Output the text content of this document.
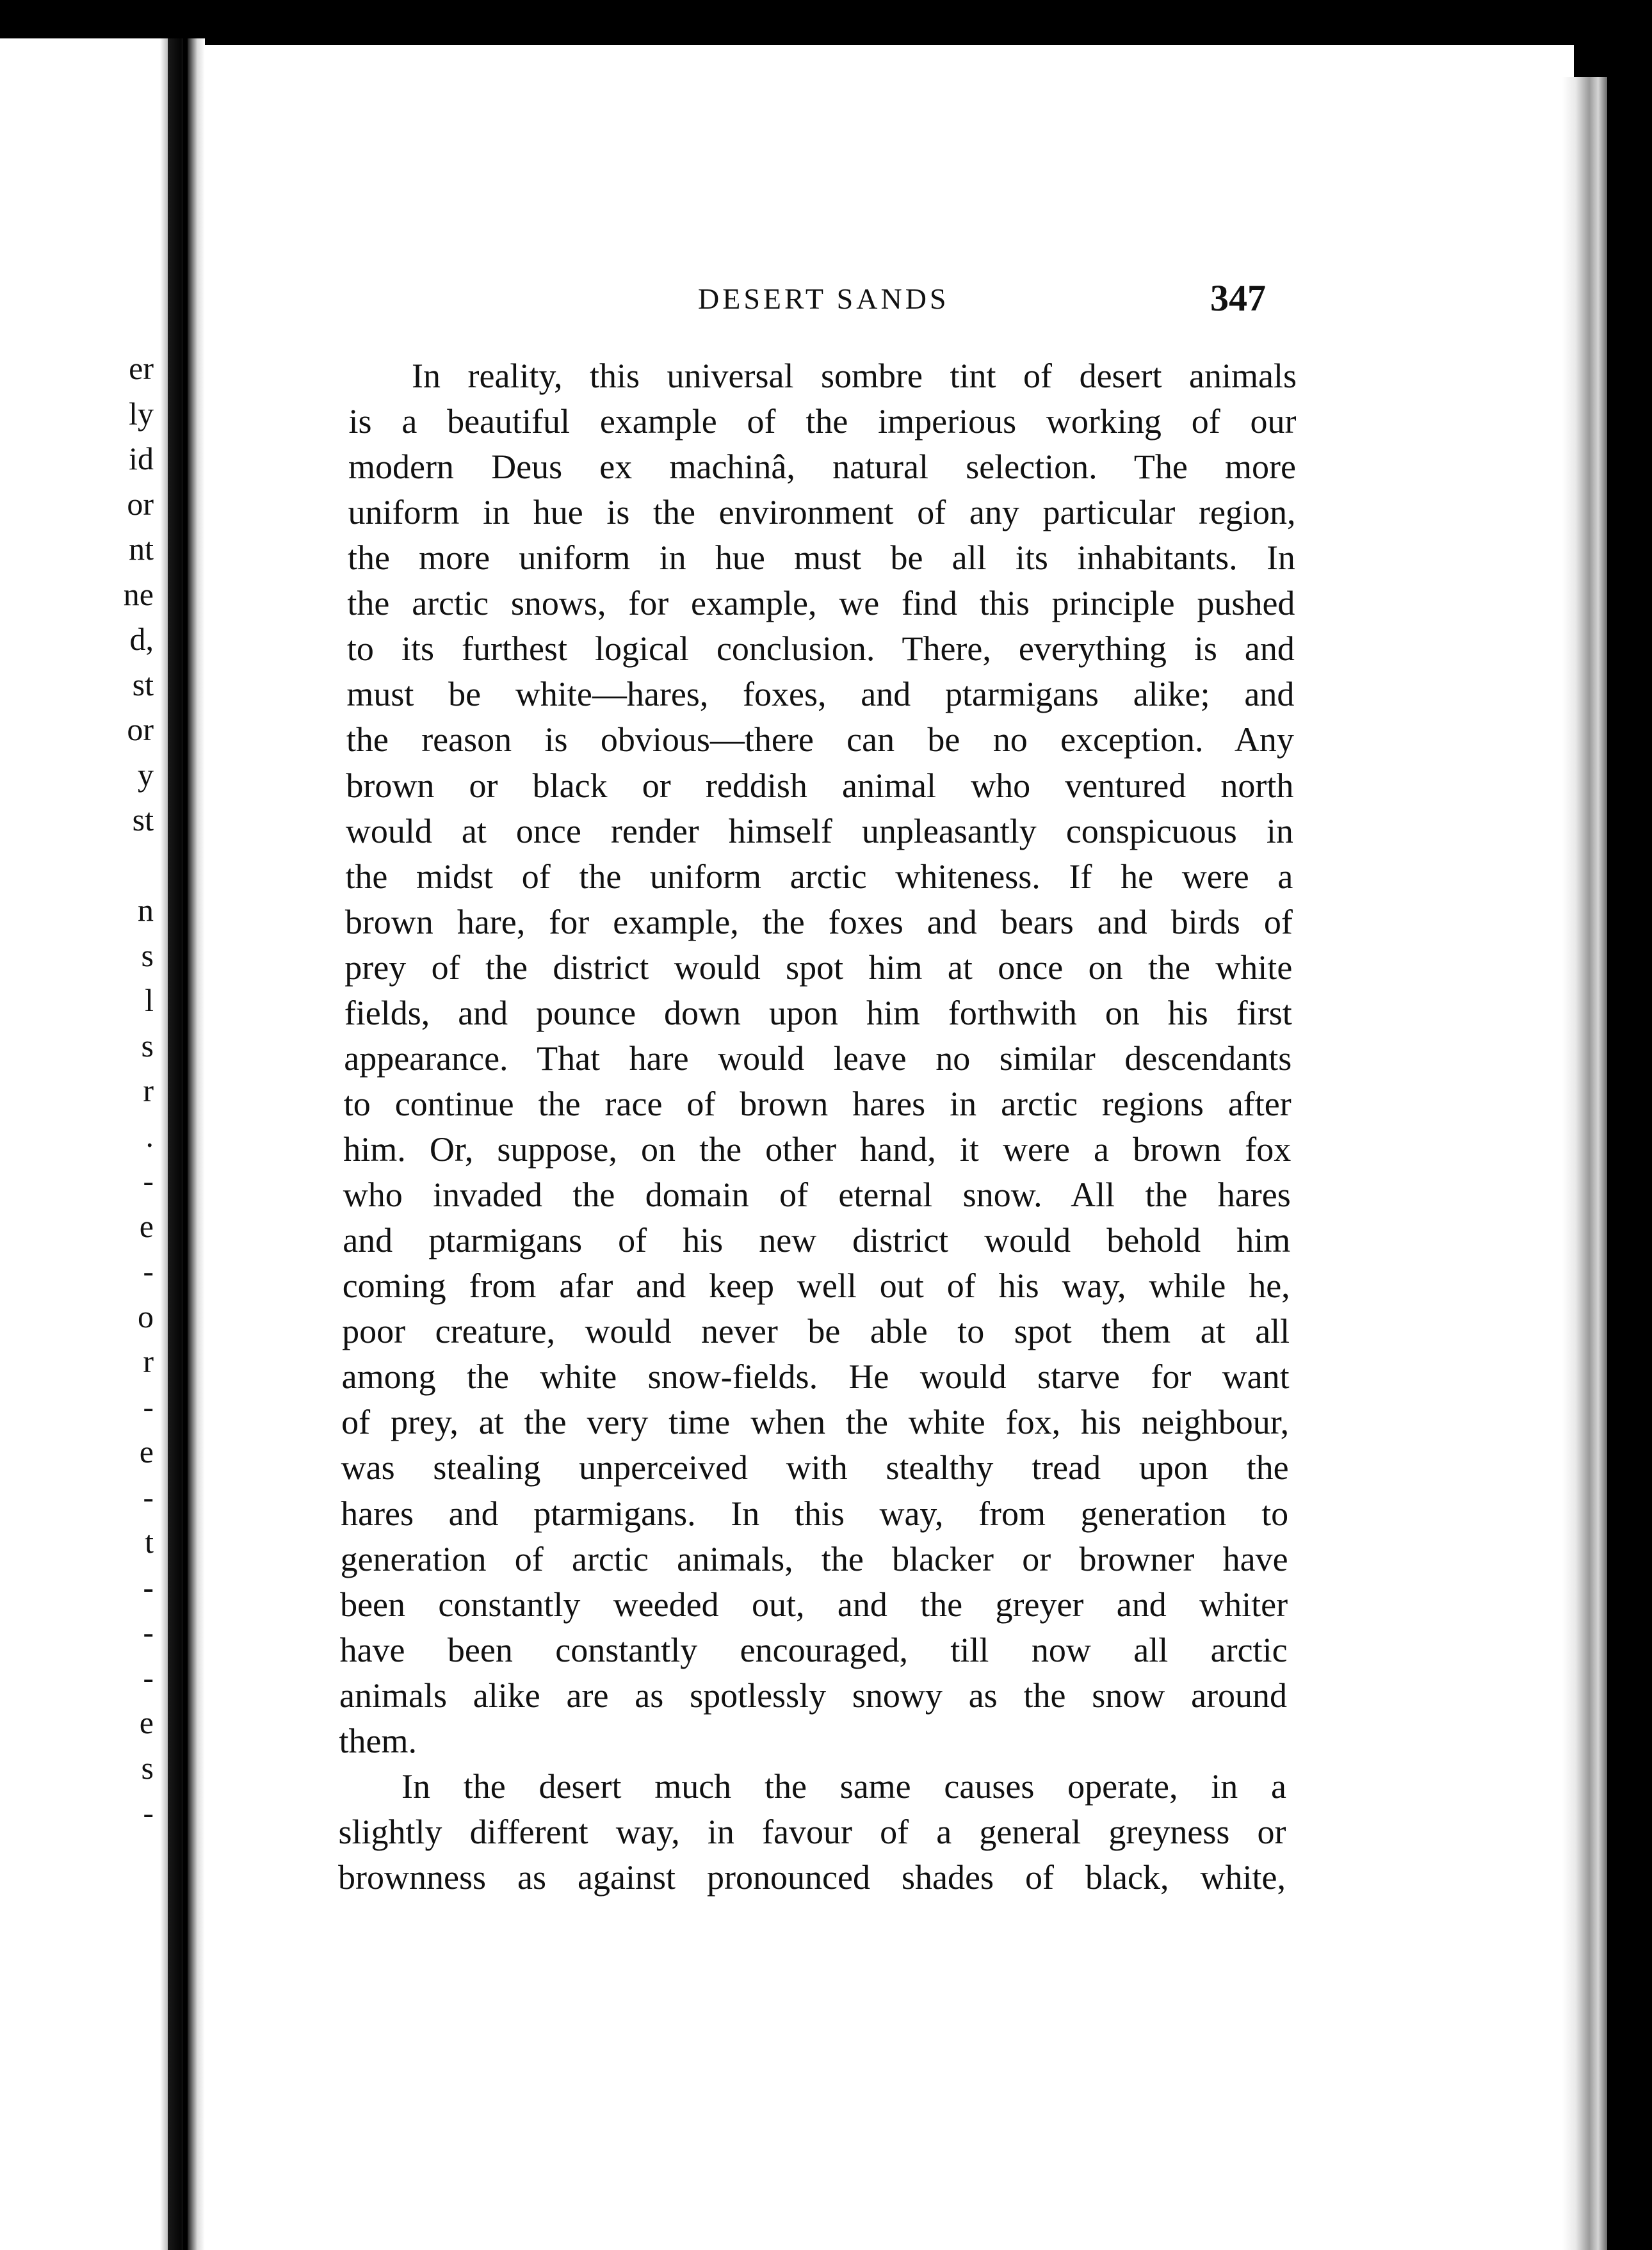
er
ly
id
or
nt
ne
d,
st
or
y
st
n
s
l
s
r
.
-
e
-
o
r
-
e
-
t
-
-
-
e
s
-
DESERT SANDS	347
In reality, this universal sombre tint of desert animals
is a beautiful example of the imperious working of our
modern Deus ex machinâ, natural selection. The more
uniform in hue is the environment of any particular region,
the more uniform in hue must be all its inhabitants. In
the arctic snows, for example, we find this principle pushed
to its furthest logical conclusion. There, everything is and
must be white—hares, foxes, and ptarmigans alike; and
the reason is obvious—there can be no exception. Any
brown or black or reddish animal who ventured north
would at once render himself unpleasantly conspicuous in
the midst of the uniform arctic whiteness. If he were a
brown hare, for example, the foxes and bears and birds of
prey of the district would spot him at once on the white
fields, and pounce down upon him forthwith on his first
appearance. That hare would leave no similar descendants
to continue the race of brown hares in arctic regions after
him. Or, suppose, on the other hand, it were a brown fox
who invaded the domain of eternal snow. All the hares
and ptarmigans of his new district would behold him
coming from afar and keep well out of his way, while he,
poor creature, would never be able to spot them at all
among the white snow-fields. He would starve for want
of prey, at the very time when the white fox, his neighbour,
was stealing unperceived with stealthy tread upon the
hares and ptarmigans. In this way, from generation to
generation of arctic animals, the blacker or browner have
been constantly weeded out, and the greyer and whiter
have been constantly encouraged, till now all arctic
animals alike are as spotlessly snowy as the snow around
them.
In the desert much the same causes operate, in a
slightly different way, in favour of a general greyness or
brownness as against pronounced shades of black, white,
